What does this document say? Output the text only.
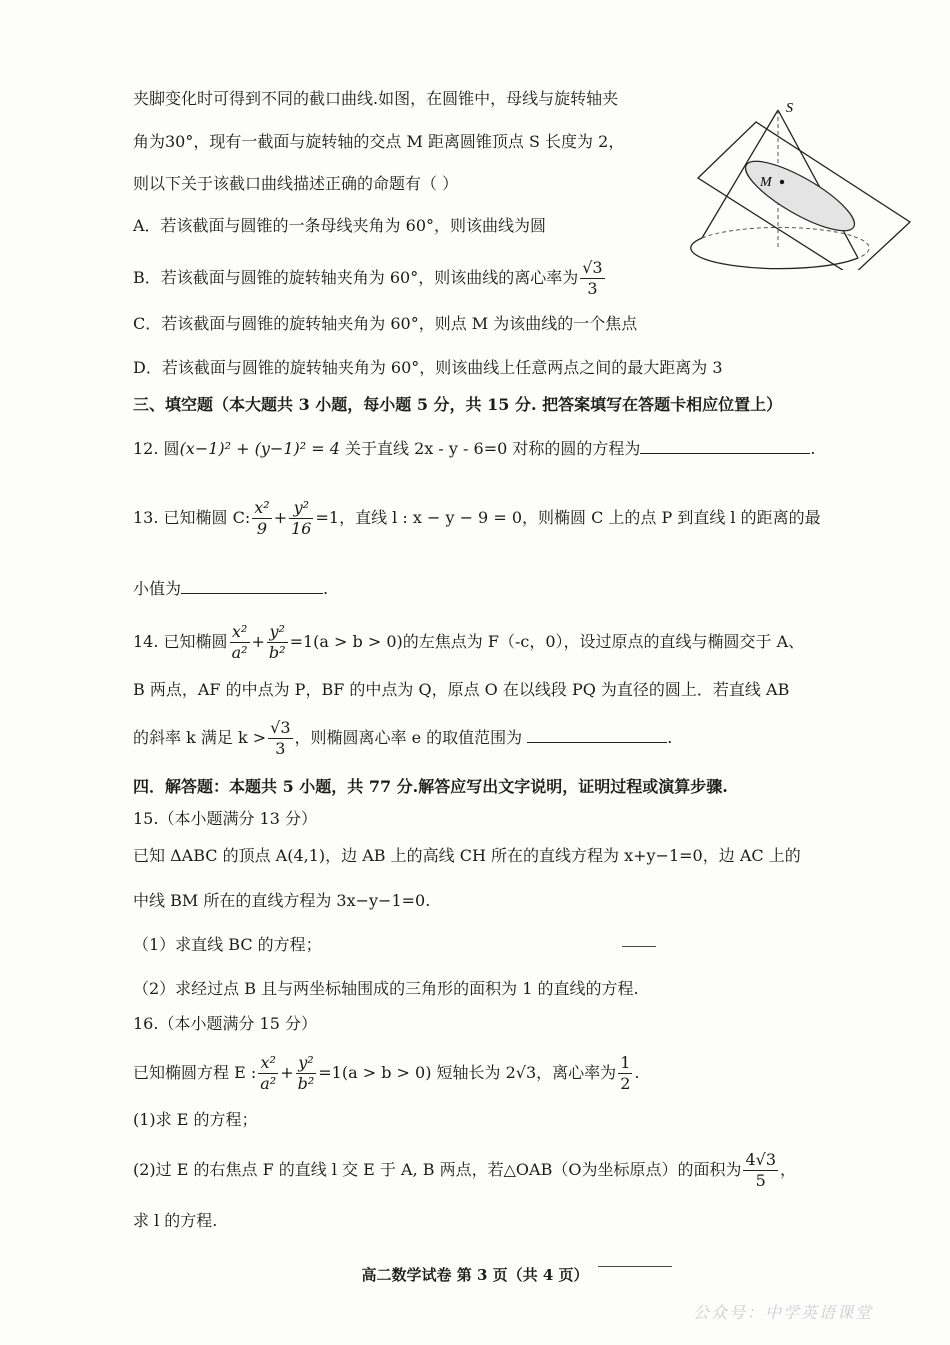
夹脚变化时可得到不同的截口曲线.如图，在圆锥中，母线与旋转轴夹
角为30°，现有一截面与旋转轴的交点 M 距离圆锥顶点 S 长度为 2，
则以下关于该截口曲线描述正确的命题有（ ）
A．若该截面与圆锥的一条母线夹角为 60°，则该曲线为圆
B．若该截面与圆锥的旋转轴夹角为 60°，则该曲线的离心率为 $\frac{√3}{3}$
C．若该截面与圆锥的旋转轴夹角为 60°，则点 M 为该曲线的一个焦点
D．若该截面与圆锥的旋转轴夹角为 60°，则该曲线上任意两点之间的最大距离为 3
M
S
三、填空题（本大题共 3 小题，每小题 5 分，共 15 分. 把答案填写在答题卡相应位置上）
12. 圆(x−1)² + (y−1)² = 4 关于直线 2x - y - 6=0 对称的圆的方程为	.
13. 已知椭圆 C: $\frac{\text{x²}}{9} + \frac{\text{y²}}{16} =1$，直线 l : x − y − 9 = 0，则椭圆 C 上的点 P 到直线 l 的距离的最
小值为	.
14. 已知椭圆 $\frac{\text{x²}}{\text{a²}} + \frac{\text{y²}}{\text{b²}} =1(a > b > 0)$的左焦点为 F（-c，0），设过原点的直线与椭圆交于 A、
B 两点，AF 的中点为 P，BF 的中点为 Q，原点 O 在以线段 PQ 为直径的圆上．若直线 AB
的斜率 k 满足 $k > \frac{√3}{3}$ ，则椭圆离心率 e 的取值范围为	.
四．解答题：本题共 5 小题，共 77 分.解答应写出文字说明，证明过程或演算步骤.
15.（本小题满分 13 分）
已知 ΔABC 的顶点 A(4,1)，边 AB 上的高线 CH 所在的直线方程为 x+y−1=0，边 AC 上的
中线 BM 所在的直线方程为 3x−y−1=0.
（1）求直线 BC 的方程；
（2）求经过点 B 且与两坐标轴围成的三角形的面积为 1 的直线的方程.
16.（本小题满分 15 分）
已知椭圆方程 E : $\frac{\text{x²}}{\text{a²}} + \frac{\text{y²}}{\text{b²}} =1(a > b > 0)$ 短轴长为 2√3，离心率为 $\frac{1}{2}$ .
(1)求 E 的方程；
(2)过 E 的右焦点 F 的直线 l 交 E 于 A, B 两点，若△OAB（O为坐标原点）的面积为 $\frac{4√3}{5}$ ，
求 l 的方程.
高二数学试卷 第 3 页（共 4 页）
公众号：中学英语课堂
